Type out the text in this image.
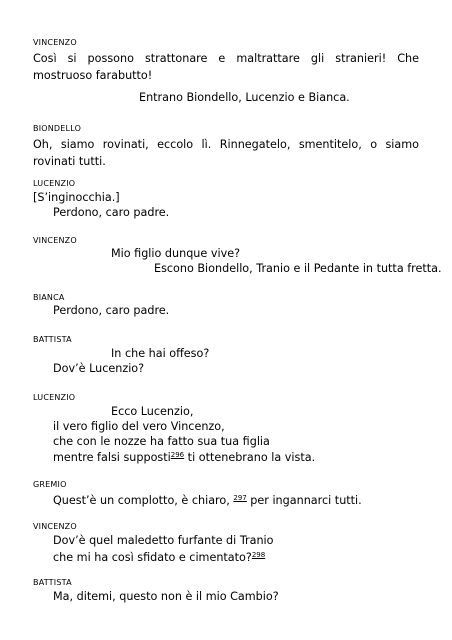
VINCENZO
Così si possono strattonare e maltrattare gli stranieri! Che mostruoso farabutto!
Entrano Biondello, Lucenzio e Bianca.
BIONDELLO
Oh, siamo rovinati, eccolo lì. Rinnegatelo, smentitelo, o siamo rovinati tutti.
LUCENZIO
[S’inginocchia.]
Perdono, caro padre.
VINCENZO
Mio figlio dunque vive?
Escono Biondello, Tranio e il Pedante in tutta fretta.
BIANCA
Perdono, caro padre.
BATTISTA
In che hai offeso?
Dov’è Lucenzio?
LUCENZIO
Ecco Lucenzio,
il vero figlio del vero Vincenzo,
che con le nozze ha fatto sua tua figlia
mentre falsi supposti$^{296}$ ti ottenebrano la vista.
GREMIO
Quest’è un complotto, è chiaro, $^{297}$ per ingannarci tutti.
VINCENZO
Dov’è quel maledetto furfante di Tranio
che mi ha così sfidato e cimentato?$^{298}$
BATTISTA
Ma, ditemi, questo non è il mio Cambio?
